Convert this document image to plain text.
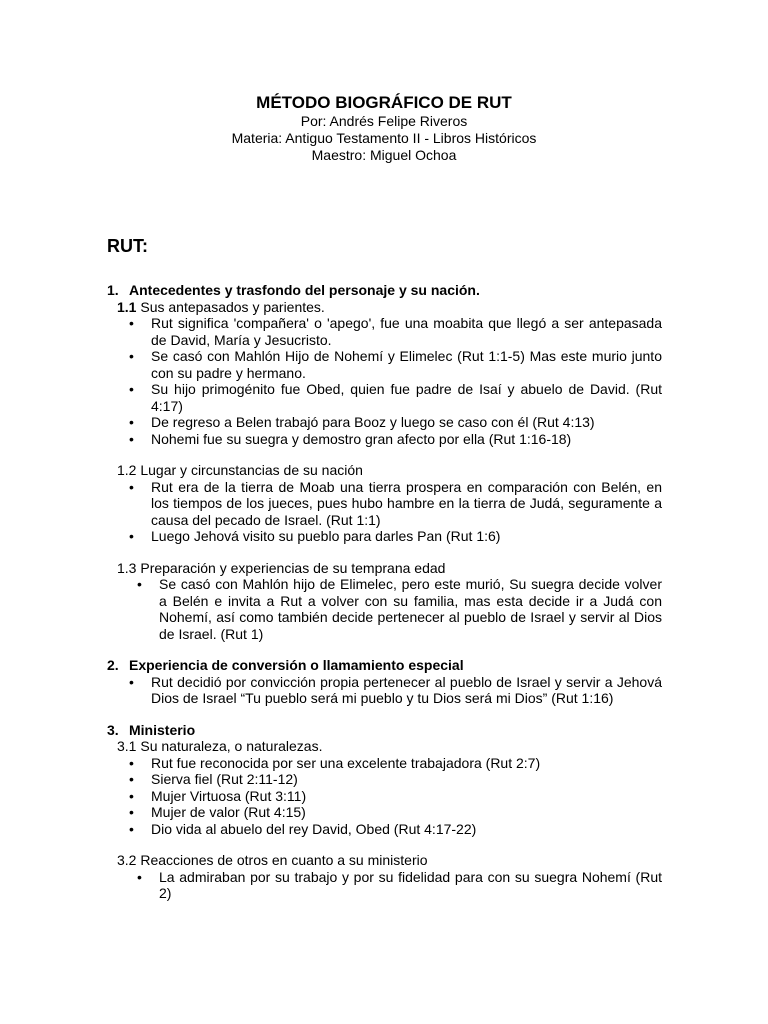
MÉTODO BIOGRÁFICO DE RUT

Por: Andrés Felipe Riveros

Materia: Antiguo Testamento II - Libros Históricos

Maestro: Miguel Ochoa

RUT:

1. Antecedentes y trasfondo del personaje y su nación.

1.1 Sus antepasados y parientes.

• Rut significa 'compañera' o 'apego', fue una moabita que llegó a ser antepasada de David, María y Jesucristo.
• Se casó con Mahlón Hijo de Nohemí y Elimelec (Rut 1:1-5) Mas este murio junto con su padre y hermano.
• Su hijo primogénito fue Obed, quien fue padre de Isaí y abuelo de David. (Rut 4:17)
• De regreso a Belen trabajó para Booz y luego se caso con él (Rut 4:13)
• Nohemi fue su suegra y demostro gran afecto por ella (Rut 1:16-18)

1.2 Lugar y circunstancias de su nación

• Rut era de la tierra de Moab una tierra prospera en comparación con Belén, en los tiempos de los jueces, pues hubo hambre en la tierra de Judá, seguramente a causa del pecado de Israel. (Rut 1:1)
• Luego Jehová visito su pueblo para darles Pan (Rut 1:6)

1.3 Preparación y experiencias de su temprana edad

• Se casó con Mahlón hijo de Elimelec, pero este murió, Su suegra decide volver a Belén e invita a Rut a volver con su familia, mas esta decide ir a Judá con Nohemí, así como también decide pertenecer al pueblo de Israel y servir al Dios de Israel. (Rut 1)

2. Experiencia de conversión o llamamiento especial

• Rut decidió por convicción propia pertenecer al pueblo de Israel y servir a Jehová Dios de Israel “Tu pueblo será mi pueblo y tu Dios será mi Dios” (Rut 1:16)

3. Ministerio

3.1 Su naturaleza, o naturalezas.

• Rut fue reconocida por ser una excelente trabajadora (Rut 2:7)
• Sierva fiel (Rut 2:11-12)
• Mujer Virtuosa (Rut 3:11)
• Mujer de valor (Rut 4:15)
• Dio vida al abuelo del rey David, Obed (Rut 4:17-22)

3.2 Reacciones de otros en cuanto a su ministerio

• La admiraban por su trabajo y por su fidelidad para con su suegra Nohemí (Rut 2)
